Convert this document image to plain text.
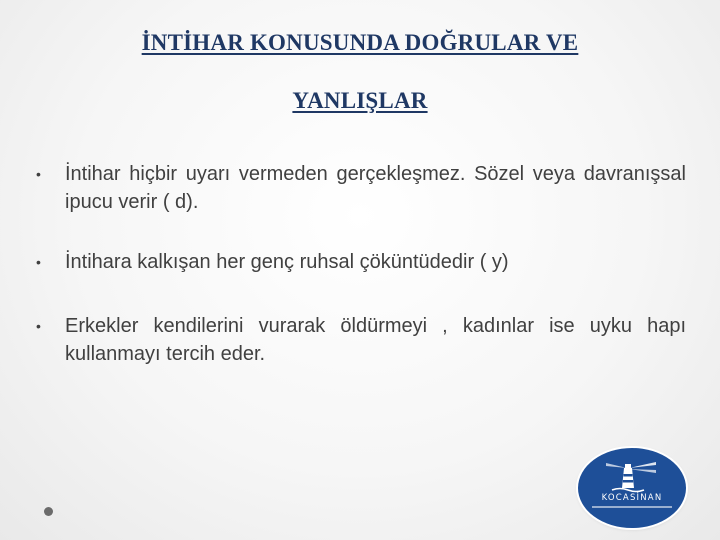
İNTİHAR KONUSUNDA DOĞRULAR VE
YANLIŞLAR
• İntihar hiçbir uyarı vermeden gerçekleşmez. Sözel veya davranışsal ipucu verir ( d).
• İntihara kalkışan her genç ruhsal çöküntüdedir ( y)
• Erkekler kendilerini vurarak öldürmeyi , kadınlar ise uyku hapı kullanmayı tercih eder.
KOCASİNAN
